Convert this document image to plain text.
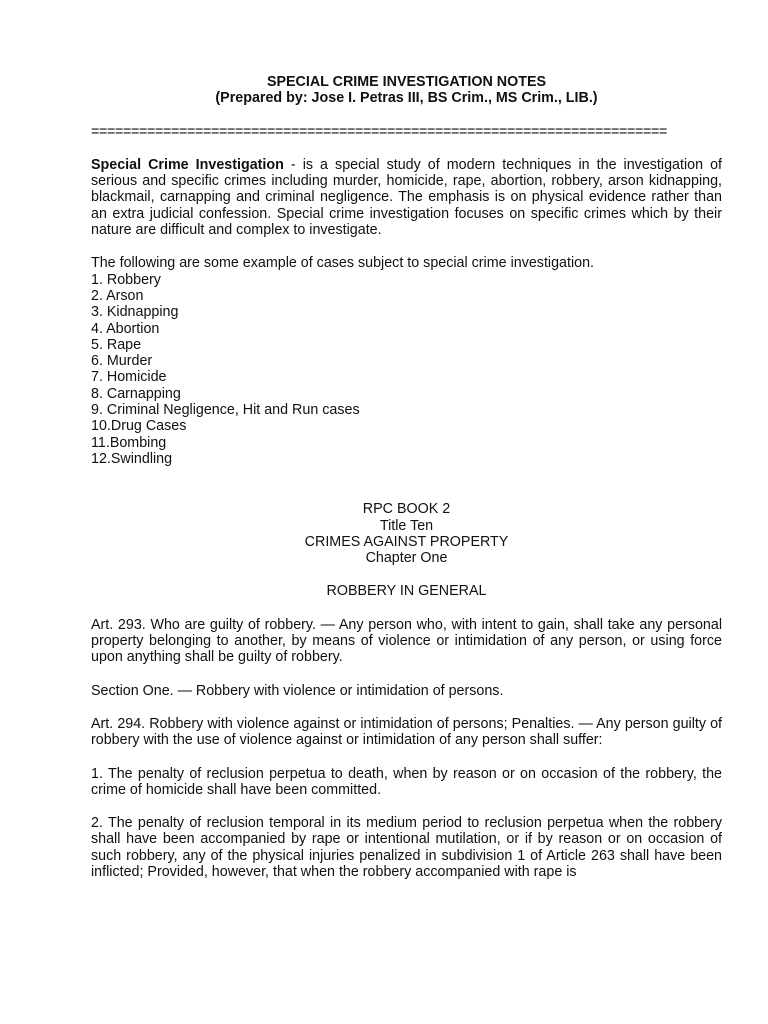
SPECIAL CRIME INVESTIGATION NOTES

(Prepared by: Jose I. Petras III, BS Crim., MS Crim., LIB.)

========================================================================

Special Crime Investigation - is a special study of modern techniques in the investigation of serious and specific crimes including murder, homicide, rape, abortion, robbery, arson kidnapping, blackmail, carnapping and criminal negligence. The emphasis is on physical evidence rather than an extra judicial confession. Special crime investigation focuses on specific crimes which by their nature are difficult and complex to investigate.

The following are some example of cases subject to special crime investigation.

1. Robbery
2. Arson
3. Kidnapping
4. Abortion
5. Rape
6. Murder
7. Homicide
8. Carnapping
9. Criminal Negligence, Hit and Run cases
10.Drug Cases
11.Bombing
12.Swindling

RPC BOOK 2

Title Ten

CRIMES AGAINST PROPERTY

Chapter One

ROBBERY IN GENERAL

Art. 293. Who are guilty of robbery. — Any person who, with intent to gain, shall take any personal property belonging to another, by means of violence or intimidation of any person, or using force upon anything shall be guilty of robbery.

Section One. — Robbery with violence or intimidation of persons.

Art. 294. Robbery with violence against or intimidation of persons; Penalties. — Any person guilty of robbery with the use of violence against or intimidation of any person shall suffer:

1. The penalty of reclusion perpetua to death, when by reason or on occasion of the robbery, the crime of homicide shall have been committed.

2. The penalty of reclusion temporal in its medium period to reclusion perpetua when the robbery shall have been accompanied by rape or intentional mutilation, or if by reason or on occasion of such robbery, any of the physical injuries penalized in subdivision 1 of Article 263 shall have been inflicted; Provided, however, that when the robbery accompanied with rape is
